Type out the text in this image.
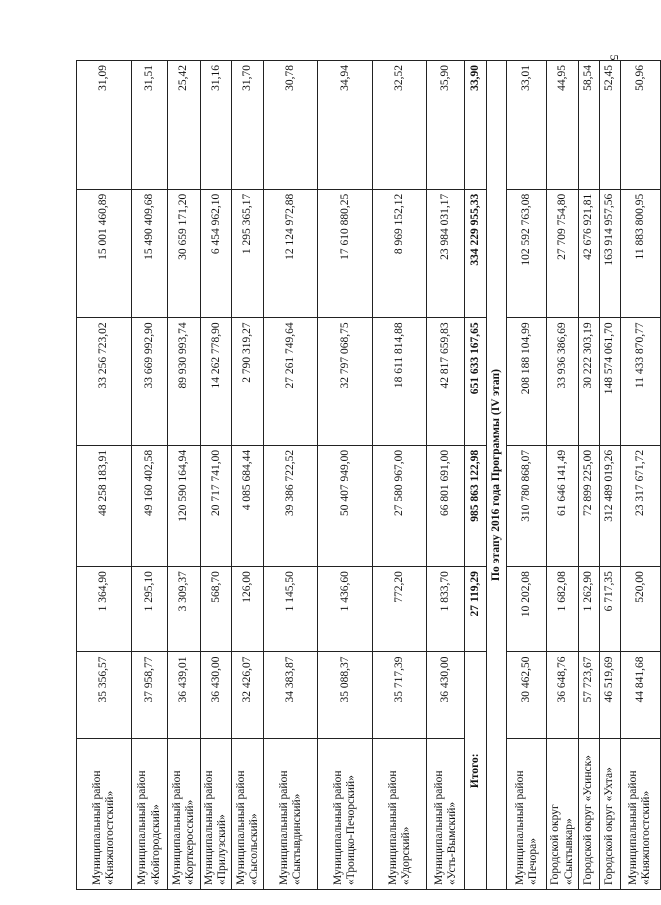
5
Муниципальный район «Княжпогостский»	35 356,57	1 364,90	48 258 183,91	33 256 723,02	15 001 460,89	31,09
Муниципальный район «Койгородский»	37 958,77	1 295,10	49 160 402,58	33 669 992,90	15 490 409,68	31,51
Муниципальный район «Корткеросский»	36 439,01	3 309,37	120 590 164,94	89 930 993,74	30 659 171,20	25,42
Муниципальный район «Прилузский»	36 430,00	568,70	20 717 741,00	14 262 778,90	6 454 962,10	31,16
Муниципальный район «Сысольский»	32 426,07	126,00	4 085 684,44	2 790 319,27	1 295 365,17	31,70
Муниципальный район «Сыктывдинский»	34 383,87	1 145,50	39 386 722,52	27 261 749,64	12 124 972,88	30,78
Муниципальный район «Троицко-Печорский»	35 088,37	1 436,60	50 407 949,00	32 797 068,75	17 610 880,25	34,94
Муниципальный район «Удорский»	35 717,39	772,20	27 580 967,00	18 611 814,88	8 969 152,12	32,52
Муниципальный район «Усть-Вымский»	36 430,00	1 833,70	66 801 691,00	42 817 659,83	23 984 031,17	35,90
Итого:		27 119,29	985 863 122,98	651 633 167,65	334 229 955,33	33,90
По этапу 2016 года Программы (IV этап)						
Муниципальный район «Печора»	30 462,50	10 202,08	310 780 868,07	208 188 104,99	102 592 763,08	33,01
Городской округ «Сыктывкар»	36 648,76	1 682,08	61 646 141,49	33 936 386,69	27 709 754,80	44,95
Городской округ «Усинск»	57 723,67	1 262,90	72 899 225,00	30 222 303,19	42 676 921,81	58,54
Городской округ «Ухта»	46 519,69	6 717,35	312 489 019,26	148 574 061,70	163 914 957,56	52,45
Муниципальный район «Княжпогостский»	44 841,68	520,00	23 317 671,72	11 433 870,77	11 883 800,95	50,96
